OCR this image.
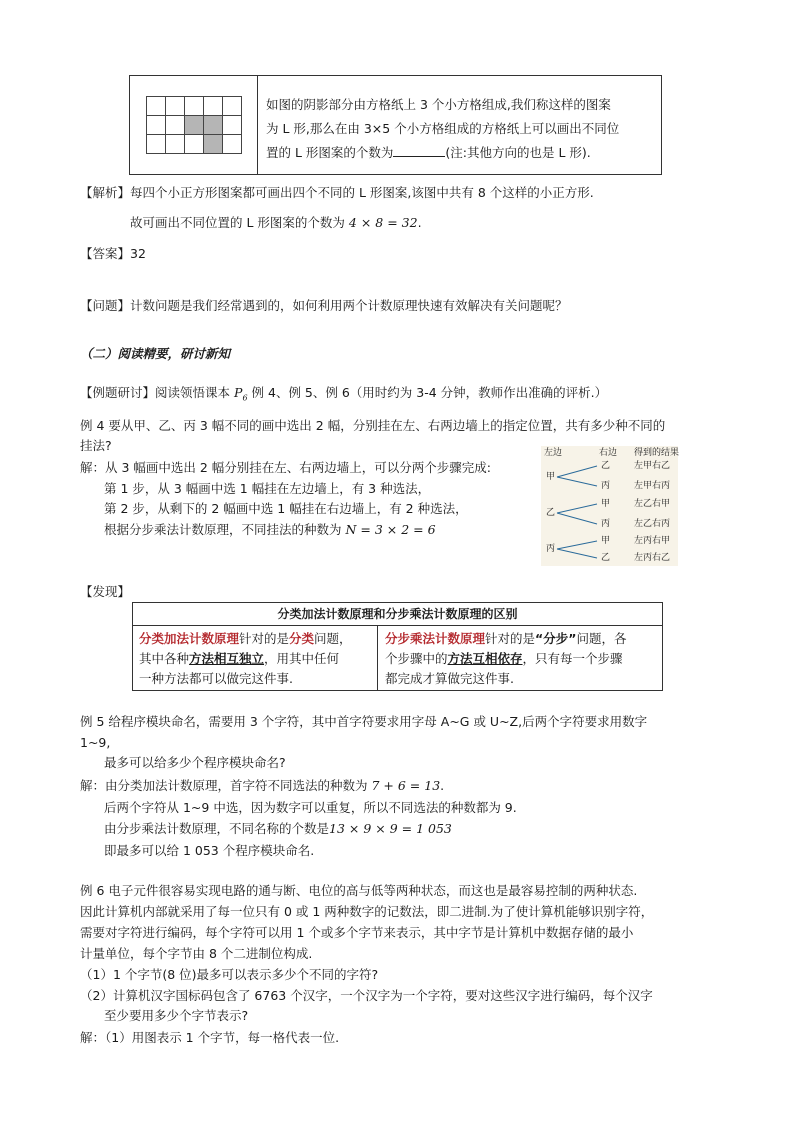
如图的阴影部分由方格纸上 3 个小方格组成,我们称这样的图案
为 L 形,那么在由 3×5 个小方格组成的方格纸上可以画出不同位
置的 L 形图案的个数为	(注:其他方向的也是 L 形).
【解析】每四个小正方形图案都可画出四个不同的 L 形图案,该图中共有 8 个这样的小正方形.
故可画出不同位置的 L 形图案的个数为 4 × 8 = 32.
【答案】32
【问题】计数问题是我们经常遇到的，如何利用两个计数原理快速有效解决有关问题呢？
（二）阅读精要，研讨新知
【例题研讨】阅读领悟课本 $P_6$ 例 4、例 5、例 6（用时约为 3-4 分钟，教师作出准确的评析.）
例 4 要从甲、乙、丙 3 幅不同的画中选出 2 幅，分别挂在左、右两边墙上的指定位置，共有多少种不同的
挂法?
解：从 3 幅画中选出 2 幅分别挂在左、右两边墙上，可以分两个步骤完成:
第 1 步，从 3 幅画中选 1 幅挂在左边墙上，有 3 种选法，
第 2 步，从剩下的 2 幅画中选 1 幅挂在右边墙上，有 2 种选法，
根据分步乘法计数原理，不同挂法的种数为 N = 3 × 2 = 6
左边	右边 得到的结果
甲
乙
丙
左甲右乙
左甲右丙
乙
甲
丙
左乙右甲
左乙右丙
丙
甲
乙
左丙右甲
左丙右乙
【发现】
分类加法计数原理和分步乘法计数原理的区别
分类加法计数原理针对的是分类问题，
其中各种方法相互独立，用其中任何
一种方法都可以做完这件事.
分步乘法计数原理针对的是“分步”问题，各
个步骤中的方法互相依存，只有每一个步骤
都完成才算做完这件事.
例 5 给程序模块命名，需要用 3 个字符，其中首字符要求用字母 A~G 或 U~Z,后两个字符要求用数字
1~9,
最多可以给多少个程序模块命名?
解：由分类加法计数原理，首字符不同选法的种数为 7 + 6 = 13.
后两个字符从 1~9 中选，因为数字可以重复，所以不同选法的种数都为 9.
由分步乘法计数原理，不同名称的个数是13 × 9 × 9 = 1 053
即最多可以给 1 053 个程序模块命名.
例 6 电子元件很容易实现电路的通与断、电位的高与低等两种状态，而这也是最容易控制的两种状态.
因此计算机内部就采用了每一位只有 0 或 1 两种数字的记数法，即二进制.为了使计算机能够识别字符，
需要对字符进行编码，每个字符可以用 1 个或多个字节来表示，其中字节是计算机中数据存储的最小
计量单位，每个字节由 8 个二进制位构成.
（1）1 个字节(8 位)最多可以表示多少个不同的字符?
（2）计算机汉字国标码包含了 6763 个汉字，一个汉字为一个字符，要对这些汉字进行编码，每个汉字
至少要用多少个字节表示?
解：（1）用图表示 1 个字节，每一格代表一位.
